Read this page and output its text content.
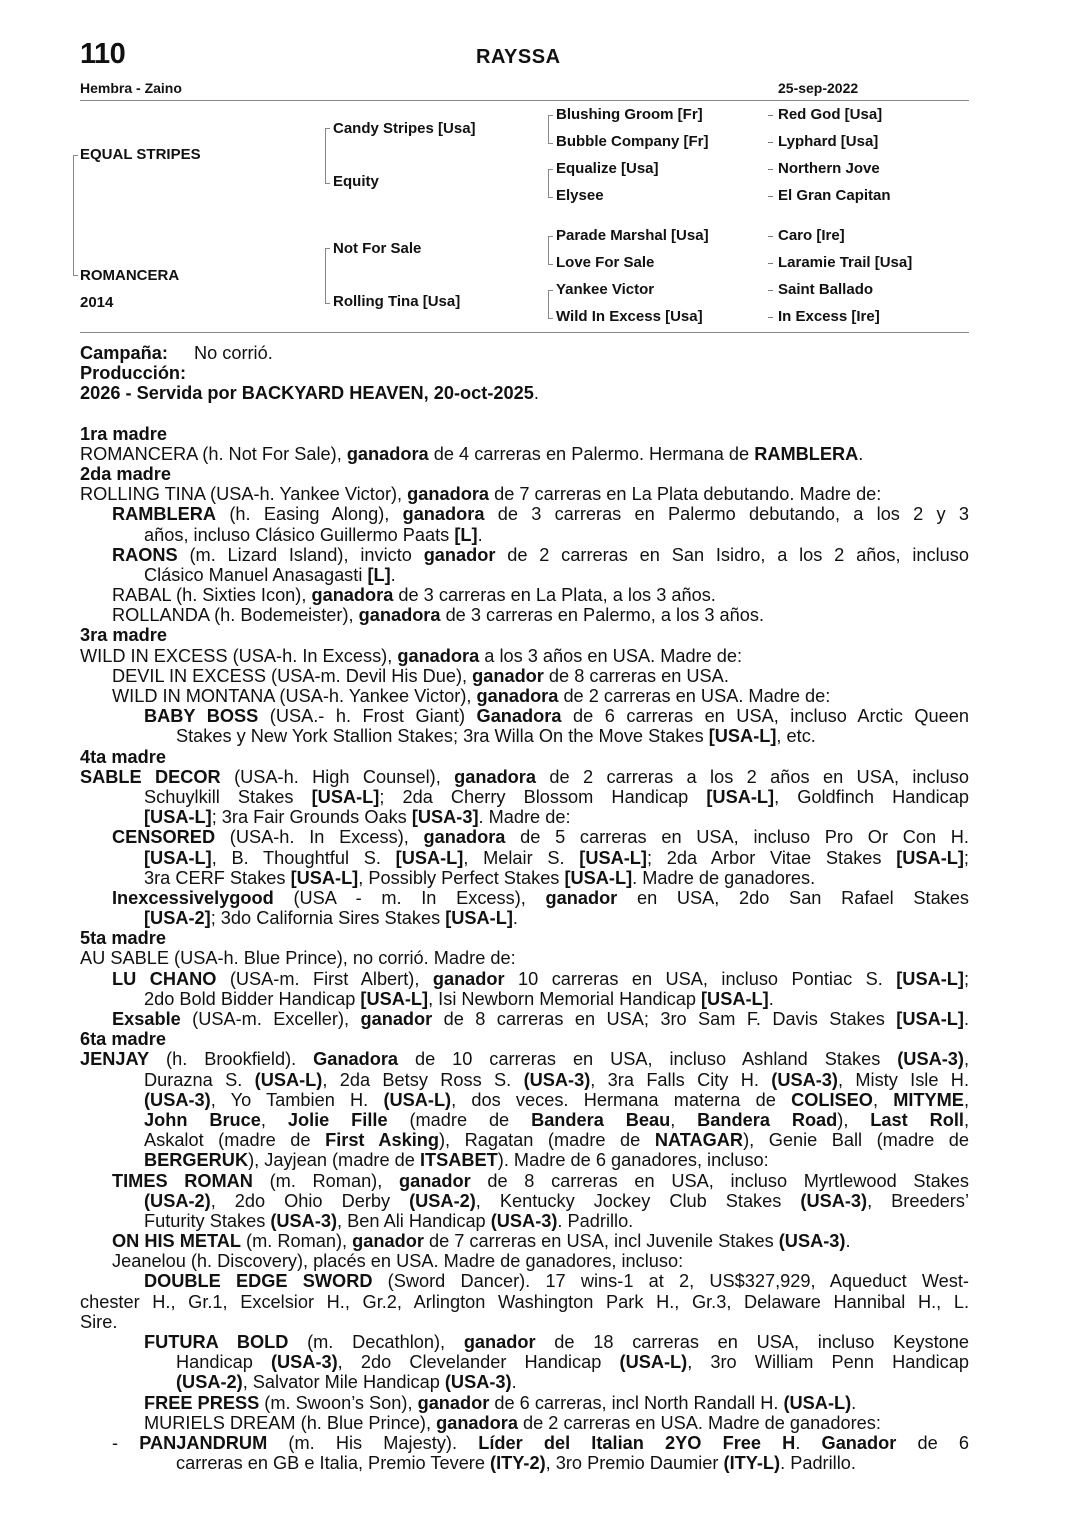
110	RAYSSA
Hembra - Zaino	25-sep-2022
EQUAL STRIPES
ROMANCERA
2014
Candy Stripes [Usa]
Equity
Not For Sale
Rolling Tina [Usa]
Blushing Groom [Fr]
Bubble Company [Fr]
Equalize [Usa]
Elysee
Parade Marshal [Usa]
Love For Sale
Yankee Victor
Wild In Excess [Usa]
Red God [Usa]
Lyphard [Usa]
Northern Jove
El Gran Capitan
Caro [Ire]
Laramie Trail [Usa]
Saint Ballado
In Excess [Ire]
Campaña: No corrió.
Producción:
2026 - Servida por BACKYARD HEAVEN, 20-oct-2025.
1ra madre
ROMANCERA (h. Not For Sale), ganadora de 4 carreras en Palermo. Hermana de RAMBLERA.
2da madre
ROLLING TINA (USA-h. Yankee Victor), ganadora de 7 carreras en La Plata debutando. Madre de:
RAMBLERA (h. Easing Along), ganadora de 3 carreras en Palermo debutando, a los 2 y 3
años, incluso Clásico Guillermo Paats [L].
RAONS (m. Lizard Island), invicto ganador de 2 carreras en San Isidro, a los 2 años, incluso
Clásico Manuel Anasagasti [L].
RABAL (h. Sixties Icon), ganadora de 3 carreras en La Plata, a los 3 años.
ROLLANDA (h. Bodemeister), ganadora de 3 carreras en Palermo, a los 3 años.
3ra madre
WILD IN EXCESS (USA-h. In Excess), ganadora a los 3 años en USA. Madre de:
DEVIL IN EXCESS (USA-m. Devil His Due), ganador de 8 carreras en USA.
WILD IN MONTANA (USA-h. Yankee Victor), ganadora de 2 carreras en USA. Madre de:
BABY BOSS (USA.- h. Frost Giant) Ganadora de 6 carreras en USA, incluso Arctic Queen
Stakes y New York Stallion Stakes; 3ra Willa On the Move Stakes [USA-L], etc.
4ta madre
SABLE DECOR (USA-h. High Counsel), ganadora de 2 carreras a los 2 años en USA, incluso
Schuylkill Stakes [USA-L]; 2da Cherry Blossom Handicap [USA-L], Goldfinch Handicap
[USA-L]; 3ra Fair Grounds Oaks [USA-3]. Madre de:
CENSORED (USA-h. In Excess), ganadora de 5 carreras en USA, incluso Pro Or Con H.
[USA-L], B. Thoughtful S. [USA-L], Melair S. [USA-L]; 2da Arbor Vitae Stakes [USA-L];
3ra CERF Stakes [USA-L], Possibly Perfect Stakes [USA-L]. Madre de ganadores.
Inexcessivelygood (USA - m. In Excess), ganador en USA, 2do San Rafael Stakes
[USA-2]; 3do California Sires Stakes [USA-L].
5ta madre
AU SABLE (USA-h. Blue Prince), no corrió. Madre de:
LU CHANO (USA-m. First Albert), ganador 10 carreras en USA, incluso Pontiac S. [USA-L];
2do Bold Bidder Handicap [USA-L], Isi Newborn Memorial Handicap [USA-L].
Exsable (USA-m. Exceller), ganador de 8 carreras en USA; 3ro Sam F. Davis Stakes [USA-L].
6ta madre
JENJAY (h. Brookfield). Ganadora de 10 carreras en USA, incluso Ashland Stakes (USA-3),
Durazna S. (USA-L), 2da Betsy Ross S. (USA-3), 3ra Falls City H. (USA-3), Misty Isle H.
(USA-3), Yo Tambien H. (USA-L), dos veces. Hermana materna de COLISEO, MITYME,
John Bruce, Jolie Fille (madre de Bandera Beau, Bandera Road), Last Roll,
Askalot (madre de First Asking), Ragatan (madre de NATAGAR), Genie Ball (madre de
BERGERUK), Jayjean (madre de ITSABET). Madre de 6 ganadores, incluso:
TIMES ROMAN (m. Roman), ganador de 8 carreras en USA, incluso Myrtlewood Stakes
(USA-2), 2do Ohio Derby (USA-2), Kentucky Jockey Club Stakes (USA-3), Breeders’
Futurity Stakes (USA-3), Ben Ali Handicap (USA-3). Padrillo.
ON HIS METAL (m. Roman), ganador de 7 carreras en USA, incl Juvenile Stakes (USA-3).
Jeanelou (h. Discovery), placés en USA. Madre de ganadores, incluso:
DOUBLE EDGE SWORD (Sword Dancer). 17 wins-1 at 2, US$327,929, Aqueduct West-
chester H., Gr.1, Excelsior H., Gr.2, Arlington Washington Park H., Gr.3, Delaware Hannibal H., L.
Sire.
FUTURA BOLD (m. Decathlon), ganador de 18 carreras en USA, incluso Keystone
Handicap (USA-3), 2do Clevelander Handicap (USA-L), 3ro William Penn Handicap
(USA-2), Salvator Mile Handicap (USA-3).
FREE PRESS (m. Swoon’s Son), ganador de 6 carreras, incl North Randall H. (USA-L).
MURIELS DREAM (h. Blue Prince), ganadora de 2 carreras en USA. Madre de ganadores:
- PANJANDRUM (m. His Majesty). Líder del Italian 2YO Free H. Ganador de 6
carreras en GB e Italia, Premio Tevere (ITY-2), 3ro Premio Daumier (ITY-L). Padrillo.
